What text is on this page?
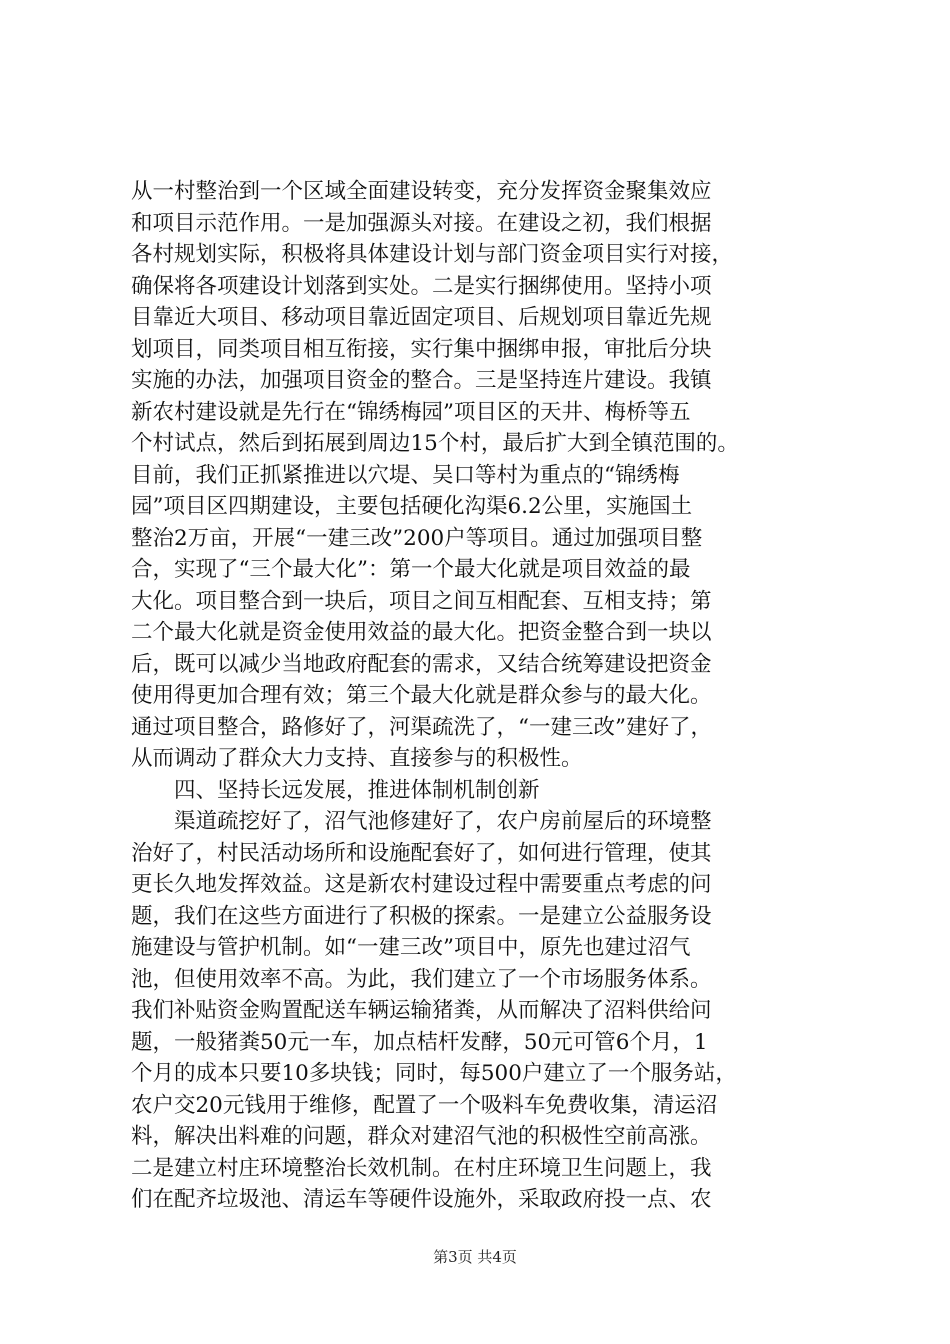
从一村整治到一个区域全面建设转变，充分发挥资金聚集效应
和项目示范作用。一是加强源头对接。在建设之初，我们根据
各村规划实际，积极将具体建设计划与部门资金项目实行对接，
确保将各项建设计划落到实处。二是实行捆绑使用。坚持小项
目靠近大项目、移动项目靠近固定项目、后规划项目靠近先规
划项目，同类项目相互衔接，实行集中捆绑申报，审批后分块
实施的办法，加强项目资金的整合。三是坚持连片建设。我镇
新农村建设就是先行在“锦绣梅园”项目区的天井、梅桥等五
个村试点，然后到拓展到周边15个村，最后扩大到全镇范围的。
目前，我们正抓紧推进以穴堤、吴口等村为重点的“锦绣梅
园”项目区四期建设，主要包括硬化沟渠6.2公里，实施国土
整治2万亩，开展“一建三改”200户等项目。通过加强项目整
合，实现了“三个最大化”：第一个最大化就是项目效益的最
大化。项目整合到一块后，项目之间互相配套、互相支持；第
二个最大化就是资金使用效益的最大化。把资金整合到一块以
后，既可以减少当地政府配套的需求，又结合统筹建设把资金
使用得更加合理有效；第三个最大化就是群众参与的最大化。
通过项目整合，路修好了，河渠疏洗了，“一建三改”建好了，
从而调动了群众大力支持、直接参与的积极性。
　　四、坚持长远发展，推进体制机制创新
　　渠道疏挖好了，沼气池修建好了，农户房前屋后的环境整
治好了，村民活动场所和设施配套好了，如何进行管理，使其
更长久地发挥效益。这是新农村建设过程中需要重点考虑的问
题，我们在这些方面进行了积极的探索。一是建立公益服务设
施建设与管护机制。如“一建三改”项目中，原先也建过沼气
池，但使用效率不高。为此，我们建立了一个市场服务体系。
我们补贴资金购置配送车辆运输猪粪，从而解决了沼料供给问
题，一般猪粪50元一车，加点桔杆发酵，50元可管6个月，1
个月的成本只要10多块钱；同时，每500户建立了一个服务站，
农户交20元钱用于维修，配置了一个吸料车免费收集，清运沼
料，解决出料难的问题，群众对建沼气池的积极性空前高涨。
二是建立村庄环境整治长效机制。在村庄环境卫生问题上，我
们在配齐垃圾池、清运车等硬件设施外，采取政府投一点、农
第3页 共4页
